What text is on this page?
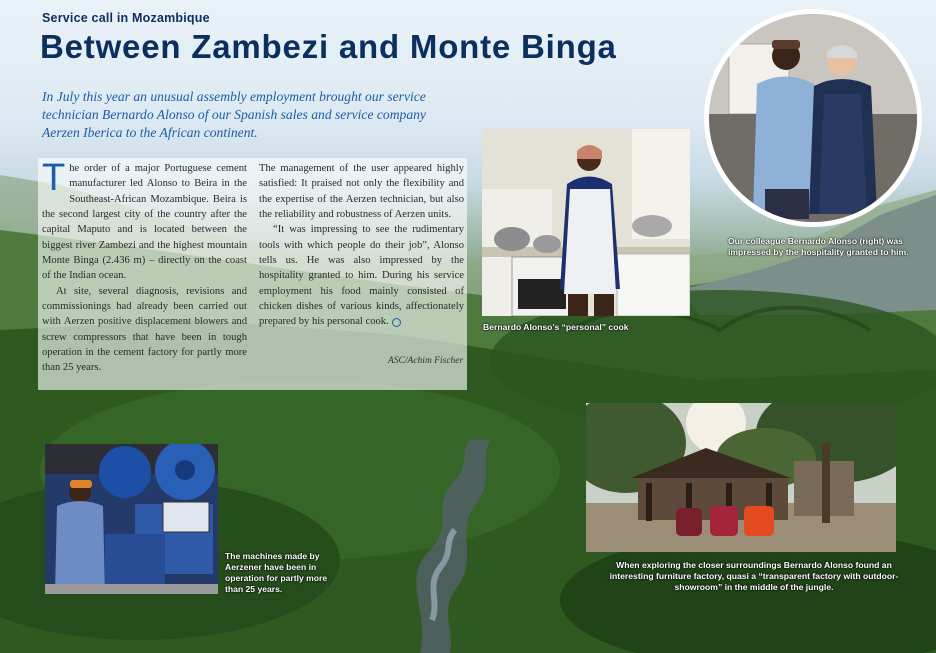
Service call in Mozambique
Between Zambezi and Monte Binga
In July this year an unusual assembly employment brought our service technician Bernardo Alonso of our Spanish sales and service company Aerzen Iberica to the African continent.

The order of a major Portuguese cement manufacturer led Alonso to Beira in the Southeast-African Mozambique. Beira is the second largest city of the country after the capital Maputo and is located between the biggest river Zambezi and the highest mountain Monte Binga (2.436 m) – directly on the coast of the Indian ocean.

At site, several diagnosis, revisions and commissionings had already been carried out with Aerzen positive displacement blowers and screw compressors that have been in tough operation in the cement factory for partly more than 25 years.

The management of the user appeared highly satisfied: It praised not only the flexibility and the expertise of the Aerzen technician, but also the reliability and robustness of Aerzen units.

“It was impressing to see the rudimentary tools with which people do their job”, Alonso tells us. He was also impressed by the hospitality granted to him. During his service employment his food mainly consisted of chicken dishes of various kinds, affectionately prepared by his personal cook.

ASC/Achim Fischer
Bernardo Alonso’s “personal” cook
Our colleague Bernardo Alonso (right) was impressed by the hospitality granted to him.
The machines made by Aerzener have been in operation for partly more than 25 years.
When exploring the closer surroundings Bernardo Alonso found an interesting furniture factory, quasi a “transparent factory with outdoor-showroom” in the middle of the jungle.
